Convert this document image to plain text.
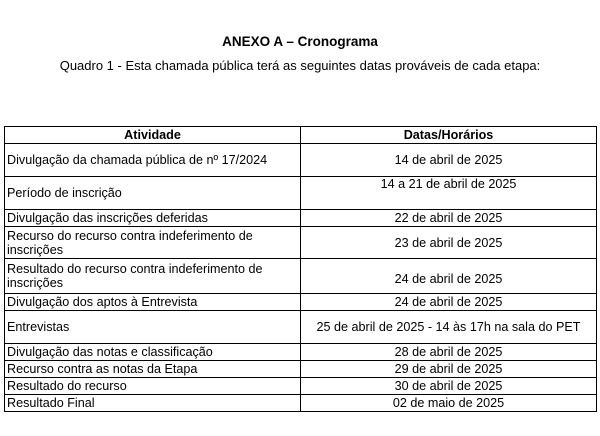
ANEXO A – Cronograma
Quadro 1 - Esta chamada pública terá as seguintes datas prováveis de cada etapa:
Atividade	Datas/Horários
Divulgação da chamada pública de nº 17/2024	14 de abril de 2025
Período de inscrição	14 a 21 de abril de 2025
Divulgação das inscrições deferidas	22 de abril de 2025
Recurso do recurso contra indeferimento de inscrições	23 de abril de 2025
Resultado do recurso contra indeferimento de inscrições	24 de abril de 2025
Divulgação dos aptos à Entrevista	24 de abril de 2025
Entrevistas	25 de abril de 2025 - 14 às 17h na sala do PET
Divulgação das notas e classificação	28 de abril de 2025
Recurso contra as notas da Etapa	29 de abril de 2025
Resultado do recurso	30 de abril de 2025
Resultado Final	02 de maio de 2025
